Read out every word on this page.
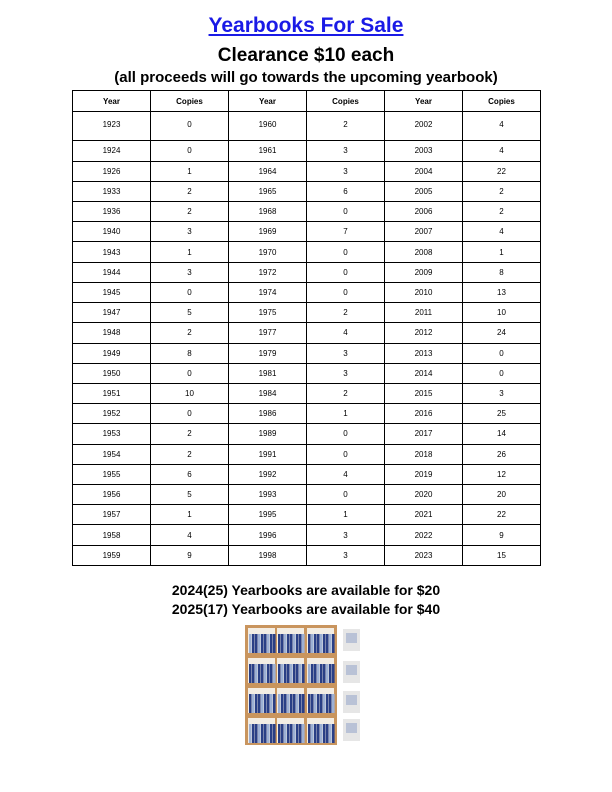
Yearbooks For Sale
Clearance $10 each
(all proceeds will go towards the upcoming yearbook)
Year	Copies	Year	Copies	Year	Copies
1923	0	1960	2	2002	4
1924	0	1961	3	2003	4
1926	1	1964	3	2004	22
1933	2	1965	6	2005	2
1936	2	1968	0	2006	2
1940	3	1969	7	2007	4
1943	1	1970	0	2008	1
1944	3	1972	0	2009	8
1945	0	1974	0	2010	13
1947	5	1975	2	2011	10
1948	2	1977	4	2012	24
1949	8	1979	3	2013	0
1950	0	1981	3	2014	0
1951	10	1984	2	2015	3
1952	0	1986	1	2016	25
1953	2	1989	0	2017	14
1954	2	1991	0	2018	26
1955	6	1992	4	2019	12
1956	5	1993	0	2020	20
1957	1	1995	1	2021	22
1958	4	1996	3	2022	9
1959	9	1998	3	2023	15
2024(25) Yearbooks are available for $20
2025(17) Yearbooks are available for $40
